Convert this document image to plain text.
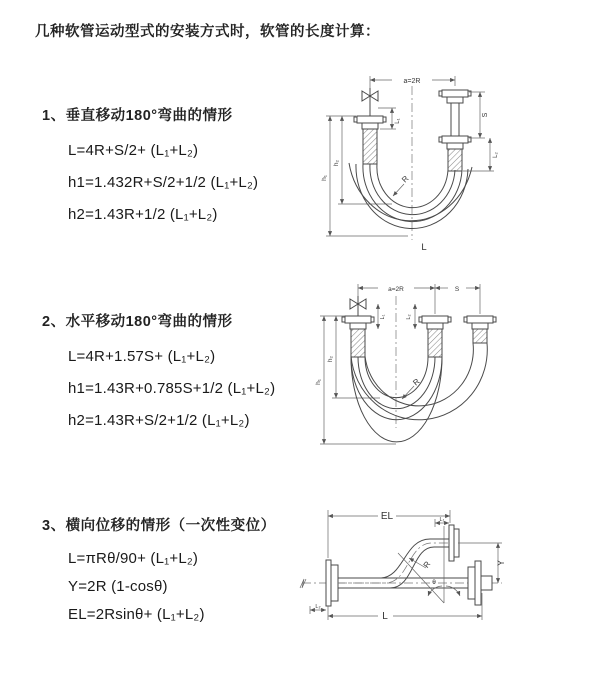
几种软管运动型式的安装方式时，软管的长度计算：
1、垂直移动180°弯曲的情形
L=4R+S/2+ (L₁+L₂)
h1=1.432R+S/2+1/2 (L₁+L₂)
h2=1.43R+1/2 (L₁+L₂)
a=2R
L₁
S
L₂
h₁
h₂
R
L
2、水平移动180°弯曲的情形
L=4R+1.57S+ (L₁+L₂)
h1=1.43R+0.785S+1/2 (L₁+L₂)
h2=1.43R+S/2+1/2 (L₁+L₂)
a=2R	S
L₁	L₂
h₁
h₂
R
3、横向位移的情形（一次性变位）
L=πRθ/90+ (L₁+L₂)
Y=2R (1-cosθ)
EL=2Rsinθ+ (L₁+L₂)
EL	L₁
θ
R	Y
L
L₂
